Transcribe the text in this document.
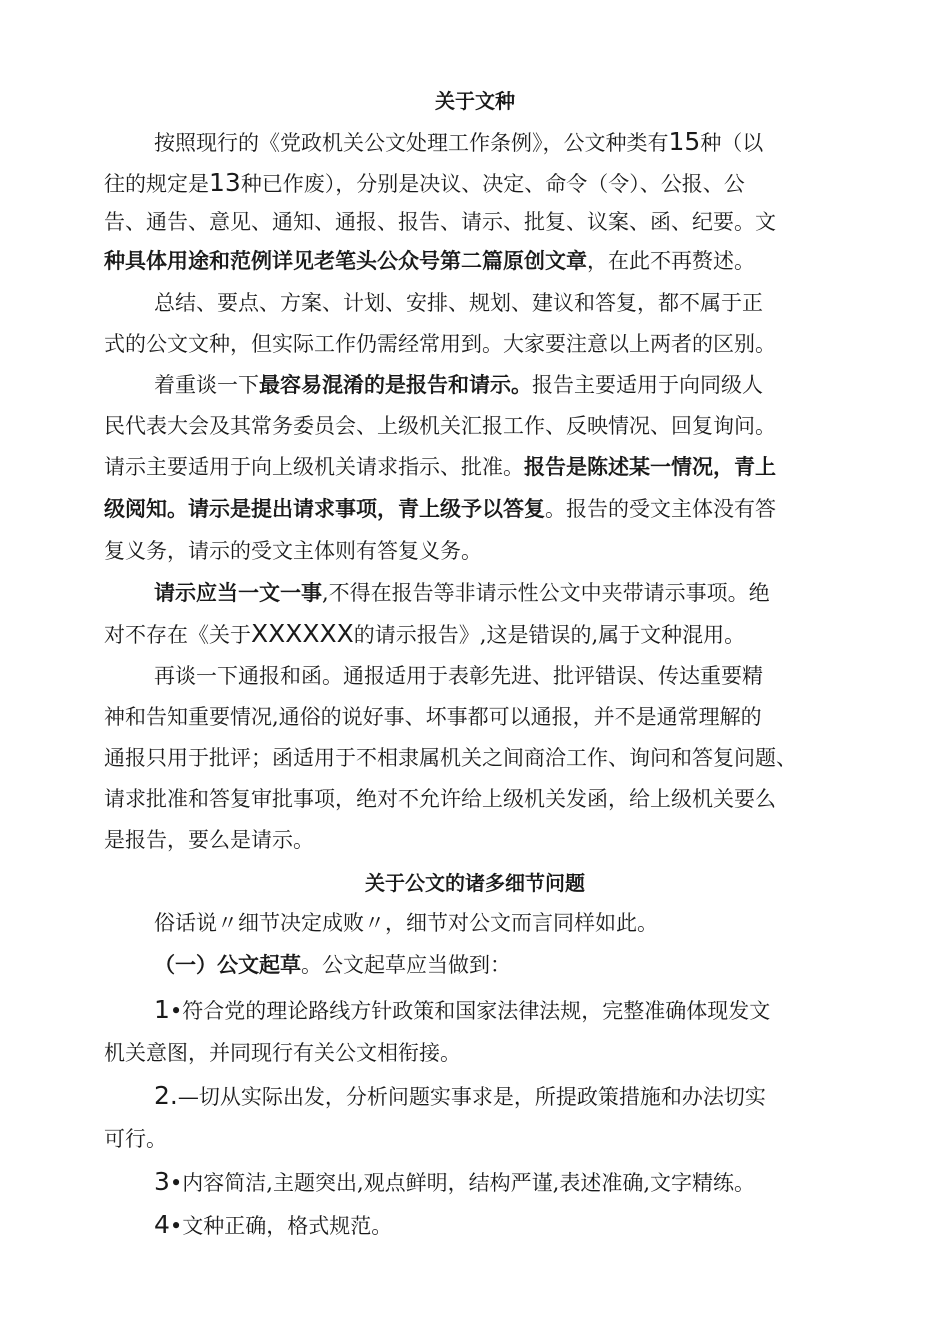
关于文种
按照现行的《党政机关公文处理工作条例》，公文种类有15种（以
往的规定是13种已作废），分别是决议、决定、命令（令）、公报、公
告、通告、意见、通知、通报、报告、请示、批复、议案、函、纪要。文
种具体用途和范例详见老笔头公众号第二篇原创文章，在此不再赘述。
总结、要点、方案、计划、安排、规划、建议和答复，都不属于正
式的公文文种，但实际工作仍需经常用到。大家要注意以上两者的区别。
着重谈一下最容易混淆的是报告和请示。报告主要适用于向同级人
民代表大会及其常务委员会、上级机关汇报工作、反映情况、回复询问。
请示主要适用于向上级机关请求指示、批准。报告是陈述某一情况，青上
级阅知。请示是提出请求事项，青上级予以答复。报告的受文主体没有答
复义务，请示的受文主体则有答复义务。
请示应当一文一事,不得在报告等非请示性公文中夹带请示事项。绝
对不存在《关于XXXXXX的请示报告》,这是错误的,属于文种混用。
再谈一下通报和函。通报适用于表彰先进、批评错误、传达重要精
神和告知重要情况,通俗的说好事、坏事都可以通报，并不是通常理解的
通报只用于批评；函适用于不相隶属机关之间商洽工作、询问和答复问题、
请求批准和答复审批事项，绝对不允许给上级机关发函，给上级机关要么
是报告，要么是请示。
关于公文的诸多细节问题
俗话说〃细节决定成败〃，细节对公文而言同样如此。
（一）公文起草。公文起草应当做到：
1•符合党的理论路线方针政策和国家法律法规，完整准确体现发文
机关意图，并同现行有关公文相衔接。
2.—切从实际出发，分析问题实事求是，所提政策措施和办法切实
可行。
3•内容简洁,主题突出,观点鲜明，结构严谨,表述准确,文字精练。
4•文种正确，格式规范。
